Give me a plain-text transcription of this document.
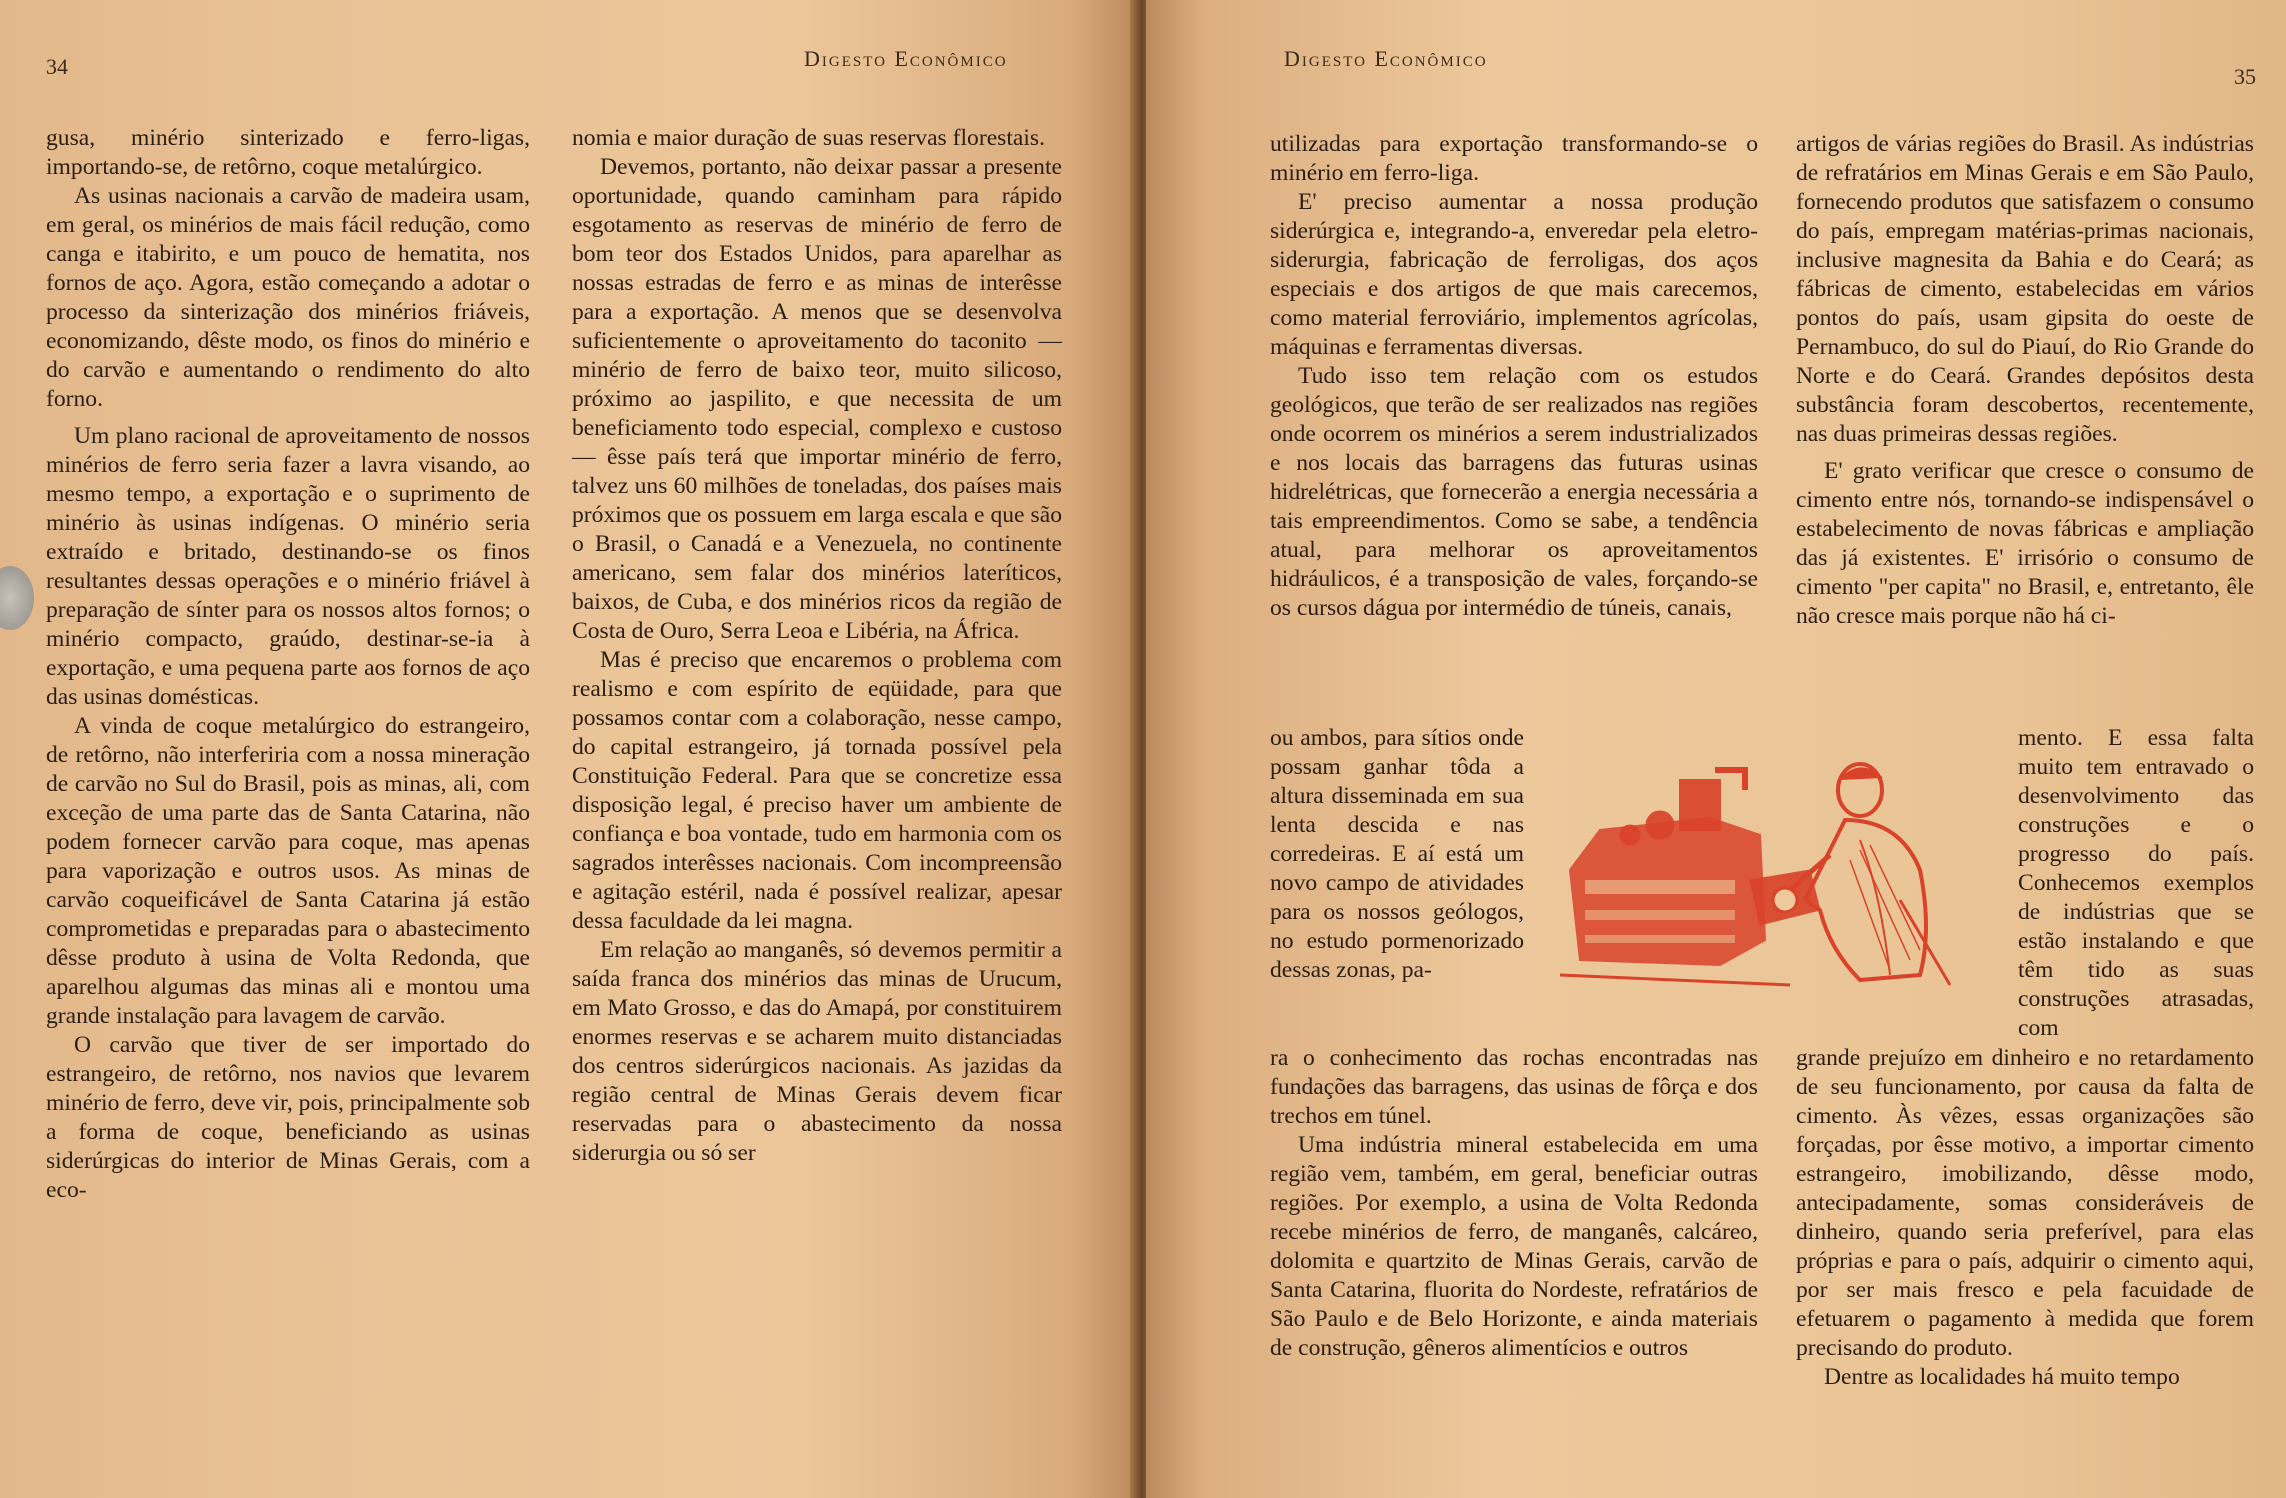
34	Digesto Econômico

gusa, minério sinterizado e ferro-ligas, importando-se, de retôrno, coque metalúrgico.

As usinas nacionais a carvão de madeira usam, em geral, os minérios de mais fácil redução, como canga e itabirito, e um pouco de hematita, nos fornos de aço. Agora, estão começando a adotar o processo da sinterização dos minérios friáveis, economizando, dêste modo, os finos do minério e do carvão e aumentando o rendimento do alto forno.

Um plano racional de aproveitamento de nossos minérios de ferro seria fazer a lavra visando, ao mesmo tempo, a exportação e o suprimento de minério às usinas indígenas. O minério seria extraído e britado, destinando-se os finos resultantes dessas operações e o minério friável à preparação de sínter para os nossos altos fornos; o minério compacto, graúdo, destinar-se-ia à exportação, e uma pequena parte aos fornos de aço das usinas domésticas.

A vinda de coque metalúrgico do estrangeiro, de retôrno, não interferiria com a nossa mineração de carvão no Sul do Brasil, pois as minas, ali, com exceção de uma parte das de Santa Catarina, não podem fornecer carvão para coque, mas apenas para vaporização e outros usos. As minas de carvão coqueificável de Santa Catarina já estão comprometidas e preparadas para o abastecimento dêsse produto à usina de Volta Redonda, que aparelhou algumas das minas ali e montou uma grande instalação para lavagem de carvão.

O carvão que tiver de ser importado do estrangeiro, de retôrno, nos navios que levarem minério de ferro, deve vir, pois, principalmente sob a forma de coque, beneficiando as usinas siderúrgicas do interior de Minas Gerais, com a eco-

nomia e maior duração de suas reservas florestais.

Devemos, portanto, não deixar passar a presente oportunidade, quando caminham para rápido esgotamento as reservas de minério de ferro de bom teor dos Estados Unidos, para aparelhar as nossas estradas de ferro e as minas de interêsse para a exportação. A menos que se desenvolva suficientemente o aproveitamento do taconito — minério de ferro de baixo teor, muito silicoso, próximo ao jaspilito, e que necessita de um beneficiamento todo especial, complexo e custoso — êsse país terá que importar minério de ferro, talvez uns 60 milhões de toneladas, dos países mais próximos que os possuem em larga escala e que são o Brasil, o Canadá e a Venezuela, no continente americano, sem falar dos minérios lateríticos, baixos, de Cuba, e dos minérios ricos da região de Costa de Ouro, Serra Leoa e Libéria, na África.

Mas é preciso que encaremos o problema com realismo e com espírito de eqüidade, para que possamos contar com a colaboração, nesse campo, do capital estrangeiro, já tornada possível pela Constituição Federal. Para que se concretize essa disposição legal, é preciso haver um ambiente de confiança e boa vontade, tudo em harmonia com os sagrados interêsses nacionais. Com incompreensão e agitação estéril, nada é possível realizar, apesar dessa faculdade da lei magna.

Em relação ao manganês, só devemos permitir a saída franca dos minérios das minas de Urucum, em Mato Grosso, e das do Amapá, por constituirem enormes reservas e se acharem muito distanciadas dos centros siderúrgicos nacionais. As jazidas da região central de Minas Gerais devem ficar reservadas para o abastecimento da nossa siderurgia ou só ser

Digesto Econômico
35

utilizadas para exportação transformando-se o minério em ferro-liga.

E' preciso aumentar a nossa produção siderúrgica e, integrando-a, enveredar pela eletro-siderurgia, fabricação de ferroligas, dos aços especiais e dos artigos de que mais carecemos, como material ferroviário, implementos agrícolas, máquinas e ferramentas diversas.

Tudo isso tem relação com os estudos geológicos, que terão de ser realizados nas regiões onde ocorrem os minérios a serem industrializados e nos locais das barragens das futuras usinas hidrelétricas, que fornecerão a energia necessária a tais empreendimentos. Como se sabe, a tendência atual, para melhorar os aproveitamentos hidráulicos, é a transposição de vales, forçando-se os cursos dágua por intermédio de túneis, canais,

ou ambos, para sítios onde possam ganhar tôda a altura disseminada em sua lenta descida e nas corredeiras. E aí está um novo campo de atividades para os nossos geólogos, no estudo pormenorizado dessas zonas, pa-

ra o conhecimento das rochas encontradas nas fundações das barragens, das usinas de fôrça e dos trechos em túnel.

Uma indústria mineral estabelecida em uma região vem, também, em geral, beneficiar outras regiões. Por exemplo, a usina de Volta Redonda recebe minérios de ferro, de manganês, calcáreo, dolomita e quartzito de Minas Gerais, carvão de Santa Catarina, fluorita do Nordeste, refratários de São Paulo e de Belo Horizonte, e ainda materiais de construção, gêneros alimentícios e outros

artigos de várias regiões do Brasil. As indústrias de refratários em Minas Gerais e em São Paulo, fornecendo produtos que satisfazem o consumo do país, empregam matérias-primas nacionais, inclusive magnesita da Bahia e do Ceará; as fábricas de cimento, estabelecidas em vários pontos do país, usam gipsita do oeste de Pernambuco, do sul do Piauí, do Rio Grande do Norte e do Ceará. Grandes depósitos desta substância foram descobertos, recentemente, nas duas primeiras dessas regiões.

E' grato verificar que cresce o consumo de cimento entre nós, tornando-se indispensável o estabelecimento de novas fábricas e ampliação das já existentes. E' irrisório o consumo de cimento "per capita" no Brasil, e, entretanto, êle não cresce mais porque não há ci-

mento. E essa falta muito tem entravado o desenvolvimento das construções e o progresso do país. Conhecemos exemplos de indústrias que se estão instalando e que têm tido as suas construções atrasadas, com

grande prejuízo em dinheiro e no retardamento de seu funcionamento, por causa da falta de cimento. Às vêzes, essas organizações são forçadas, por êsse motivo, a importar cimento estrangeiro, imobilizando, dêsse modo, antecipadamente, somas consideráveis de dinheiro, quando seria preferível, para elas próprias e para o país, adquirir o cimento aqui, por ser mais fresco e pela facuidade de efetuarem o pagamento à medida que forem precisando do produto.

Dentre as localidades há muito tempo
